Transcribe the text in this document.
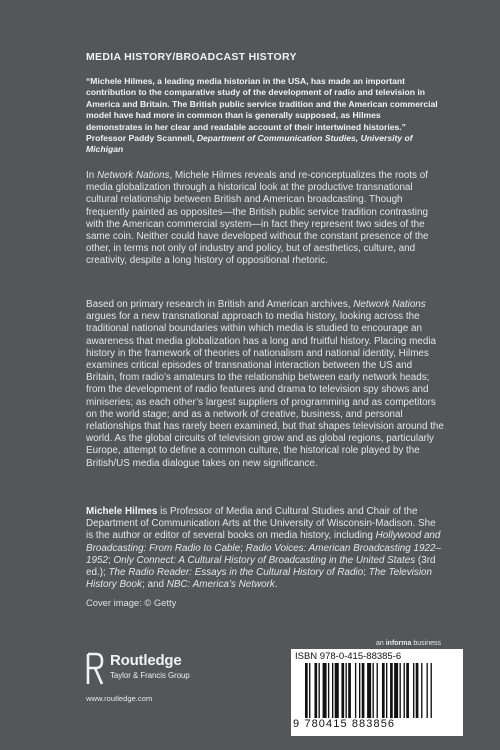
MEDIA HISTORY/BROADCAST HISTORY
“Michele Hilmes, a leading media historian in the USA, has made an important contribution to the comparative study of the development of radio and television in America and Britain. The British public service tradition and the American commercial model have had more in common than is generally supposed, as Hilmes demonstrates in her clear and readable account of their intertwined histories.”
Professor Paddy Scannell, Department of Communication Studies, University of Michigan

In Network Nations, Michele Hilmes reveals and re-conceptualizes the roots of media globalization through a historical look at the productive transnational cultural relationship between British and American broadcasting. Though frequently painted as opposites—the British public service tradition contrasting with the American commercial system—in fact they represent two sides of the same coin. Neither could have developed without the constant presence of the other, in terms not only of industry and policy, but of aesthetics, culture, and creativity, despite a long history of oppositional rhetoric.

Based on primary research in British and American archives, Network Nations argues for a new transnational approach to media history, looking across the traditional national boundaries within which media is studied to encourage an awareness that media globalization has a long and fruitful history. Placing media history in the framework of theories of nationalism and national identity, Hilmes examines critical episodes of transnational interaction between the US and Britain, from radio’s amateurs to the relationship between early network heads; from the development of radio features and drama to television spy shows and miniseries; as each other’s largest suppliers of programming and as competitors on the world stage; and as a network of creative, business, and personal relationships that has rarely been examined, but that shapes television around the world. As the global circuits of television grow and as global regions, particularly Europe, attempt to define a common culture, the historical role played by the British/US media dialogue takes on new significance.

Michele Hilmes is Professor of Media and Cultural Studies and Chair of the Department of Communication Arts at the University of Wisconsin-Madison. She is the author or editor of several books on media history, including Hollywood and Broadcasting: From Radio to Cable; Radio Voices: American Broadcasting 1922–1952; Only Connect: A Cultural History of Broadcasting in the United States (3rd ed.); The Radio Reader: Essays in the Cultural History of Radio; The Television History Book; and NBC: America’s Network.

Cover image: © Getty
Routledge
Taylor & Francis Group
www.routledge.com
an informa business
ISBN 978-0-415-88385-6
9 780415 883856
